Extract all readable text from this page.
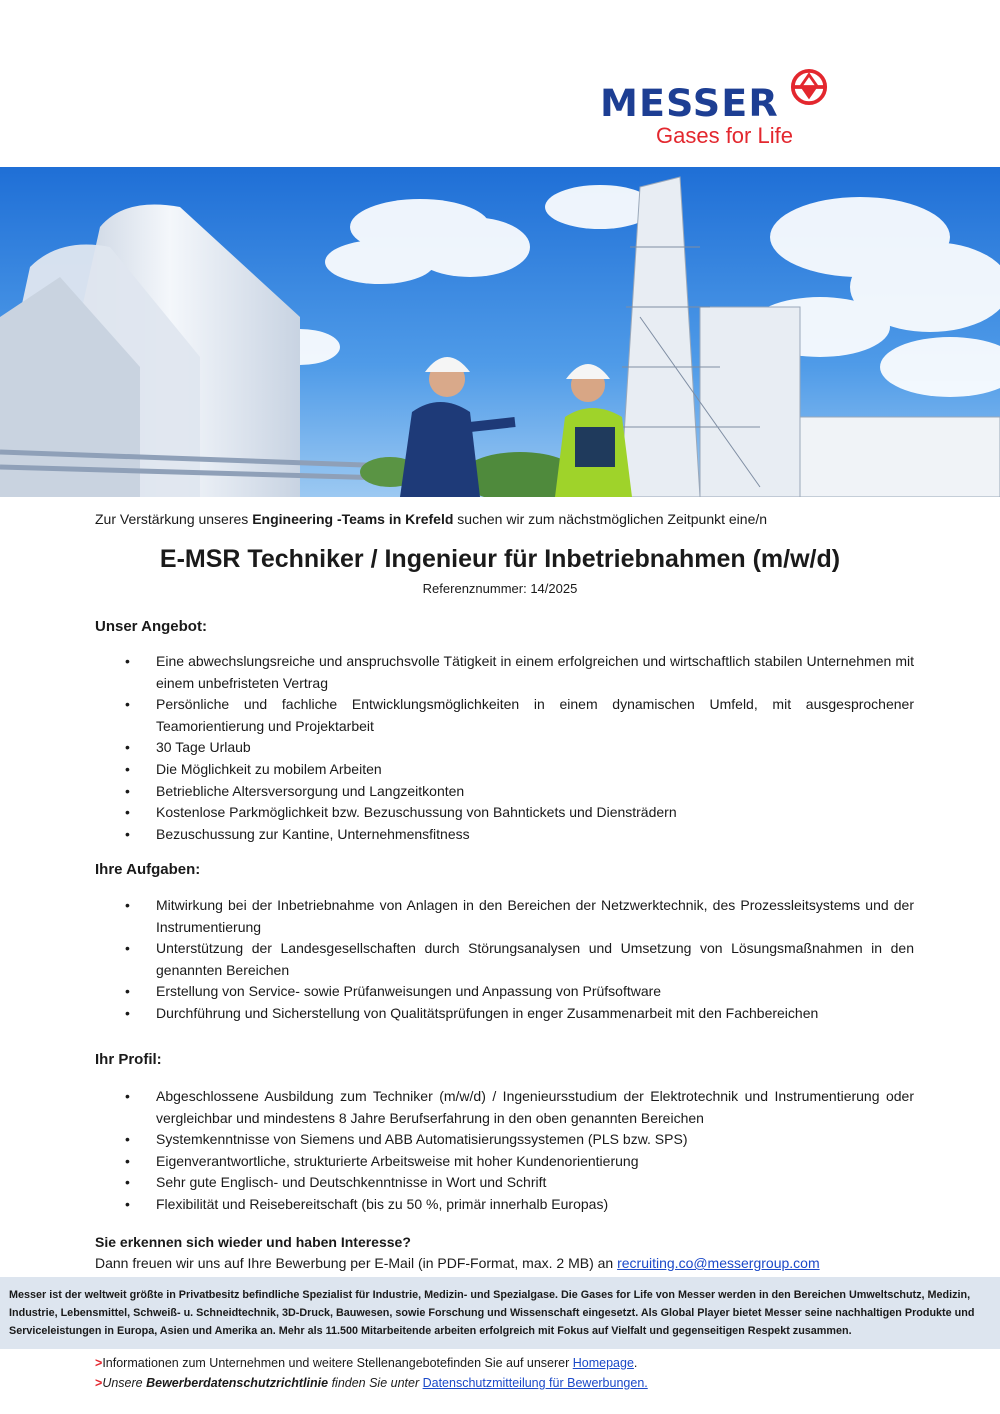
MESSER
Gases for Life
Zur Verstärkung unseres Engineering -Teams in Krefeld suchen wir zum nächstmöglichen Zeitpunkt eine/n
E-MSR Techniker / Ingenieur für Inbetriebnahmen (m/w/d)
Referenznummer: 14/2025
Unser Angebot:
• Eine abwechslungsreiche und anspruchsvolle Tätigkeit in einem erfolgreichen und wirtschaftlich stabilen Unternehmen mit einem unbefristeten Vertrag
• Persönliche und fachliche Entwicklungsmöglichkeiten in einem dynamischen Umfeld, mit ausgesprochener Teamorientierung und Projektarbeit
• 30 Tage Urlaub
• Die Möglichkeit zu mobilem Arbeiten
• Betriebliche Altersversorgung und Langzeitkonten
• Kostenlose Parkmöglichkeit bzw. Bezuschussung von Bahntickets und Diensträdern
• Bezuschussung zur Kantine, Unternehmensfitness
Ihre Aufgaben:
• Mitwirkung bei der Inbetriebnahme von Anlagen in den Bereichen der Netzwerktechnik, des Prozessleitsystems und der Instrumentierung
• Unterstützung der Landesgesellschaften durch Störungsanalysen und Umsetzung von Lösungsmaßnahmen in den genannten Bereichen
• Erstellung von Service- sowie Prüfanweisungen und Anpassung von Prüfsoftware
• Durchführung und Sicherstellung von Qualitätsprüfungen in enger Zusammenarbeit mit den Fachbereichen
Ihr Profil:
• Abgeschlossene Ausbildung zum Techniker (m/w/d) / Ingenieursstudium der Elektrotechnik und Instrumentierung oder vergleichbar und mindestens 8 Jahre Berufserfahrung in den oben genannten Bereichen
• Systemkenntnisse von Siemens und ABB Automatisierungssystemen (PLS bzw. SPS)
• Eigenverantwortliche, strukturierte Arbeitsweise mit hoher Kundenorientierung
• Sehr gute Englisch- und Deutschkenntnisse in Wort und Schrift
• Flexibilität und Reisebereitschaft (bis zu 50 %, primär innerhalb Europas)
Sie erkennen sich wieder und haben Interesse?
Dann freuen wir uns auf Ihre Bewerbung per E-Mail (in PDF-Format, max. 2 MB) an recruiting.co@messergroup.com

Messer ist der weltweit größte in Privatbesitz befindliche Spezialist für Industrie, Medizin- und Spezialgase. Die Gases for Life von Messer werden in den Bereichen Umweltschutz, Medizin, Industrie, Lebensmittel, Schweiß- u. Schneidtechnik, 3D-Druck, Bauwesen, sowie Forschung und Wissenschaft eingesetzt. Als Global Player bietet Messer seine nachhaltigen Produkte und Serviceleistungen in Europa, Asien und Amerika an. Mehr als 11.500 Mitarbeitende arbeiten erfolgreich mit Fokus auf Vielfalt und gegenseitigen Respekt zusammen.

>Informationen zum Unternehmen und weitere Stellenangebotefinden Sie auf unserer Homepage.
>Unsere Bewerberdatenschutzrichtlinie finden Sie unter Datenschutzmitteilung für Bewerbungen.
